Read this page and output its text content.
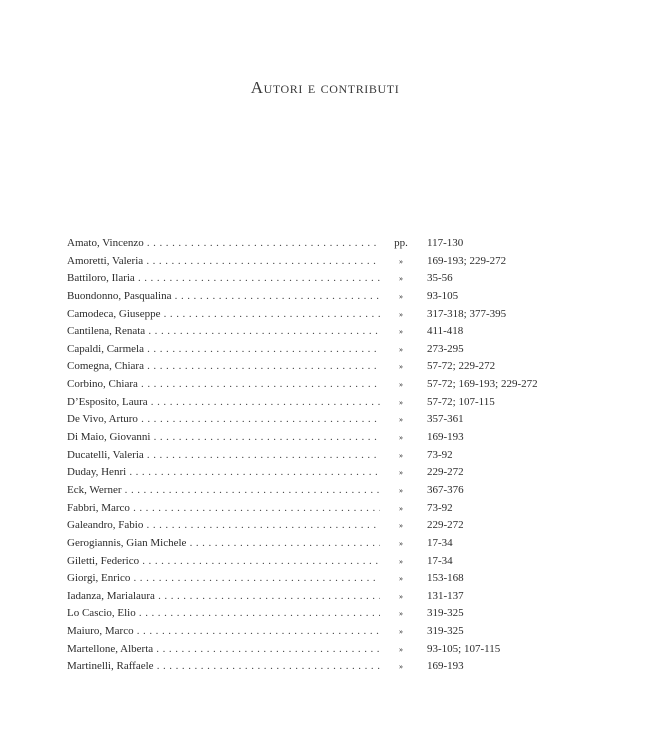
Autori e contributi
Amato, Vincenzo . . .	pp.	117-130
Amoretti, Valeria . . .	»	169-193; 229-272
Battiloro, Ilaria . . .	»	35-56
Buondonno, Pasqualina . . .	»	93-105
Camodeca, Giuseppe . . .	»	317-318; 377-395
Cantilena, Renata . . .	»	411-418
Capaldi, Carmela . . .	»	273-295
Comegna, Chiara . . .	»	57-72; 229-272
Corbino, Chiara . . .	»	57-72; 169-193; 229-272
D’Esposito, Laura . . .	»	57-72; 107-115
De Vivo, Arturo . . .	»	357-361
Di Maio, Giovanni . . .	»	169-193
Ducatelli, Valeria . . .	»	73-92
Duday, Henri . . .	»	229-272
Eck, Werner . . .	»	367-376
Fabbri, Marco . . .	»	73-92
Galeandro, Fabio . . .	»	229-272
Gerogiannis, Gian Michele . . .	»	17-34
Giletti, Federico . . .	»	17-34
Giorgi, Enrico . . .	»	153-168
Iadanza, Marialaura . . .	»	131-137
Lo Cascio, Elio . . .	»	319-325
Maiuro, Marco . . .	»	319-325
Martellone, Alberta . . .	»	93-105; 107-115
Martinelli, Raffaele . . .	»	169-193
